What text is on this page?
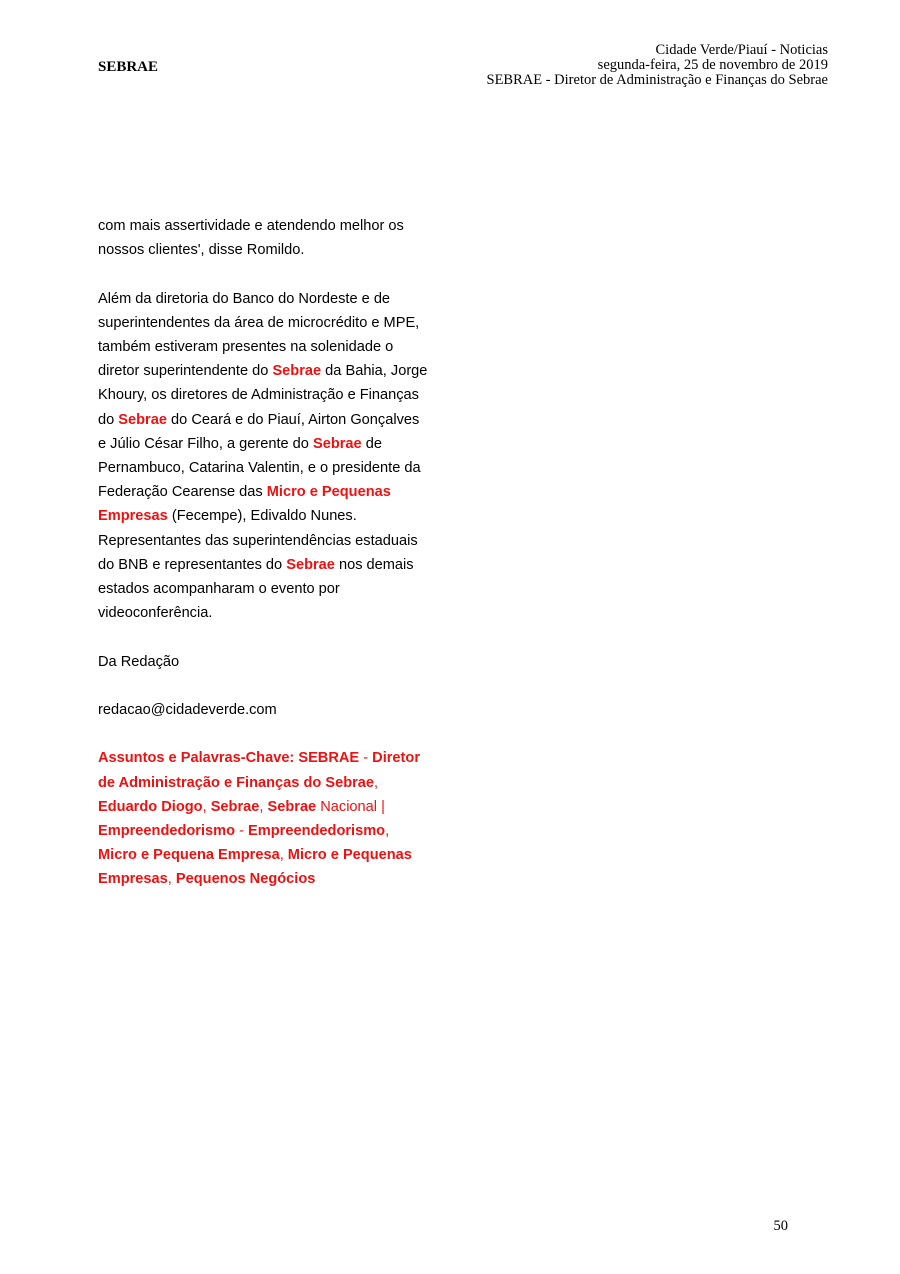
SEBRAE
Cidade Verde/Piauí - Noticias
segunda-feira, 25 de novembro de 2019
SEBRAE - Diretor de Administração e Finanças do Sebrae

com mais assertividade e atendendo melhor os nossos clientes', disse Romildo.

Além da diretoria do Banco do Nordeste e de superintendentes da área de microcrédito e MPE, também estiveram presentes na solenidade o diretor superintendente do Sebrae da Bahia, Jorge Khoury, os diretores de Administração e Finanças do Sebrae do Ceará e do Piauí, Airton Gonçalves e Júlio César Filho, a gerente do Sebrae de Pernambuco, Catarina Valentin, e o presidente da Federação Cearense das Micro e Pequenas Empresas (Fecempe), Edivaldo Nunes. Representantes das superintendências estaduais do BNB e representantes do Sebrae nos demais estados acompanharam o evento por videoconferência.

Da Redação

redacao@cidadeverde.com

Assuntos e Palavras-Chave: SEBRAE - Diretor de Administração e Finanças do Sebrae, Eduardo Diogo, Sebrae, Sebrae Nacional | Empreendedorismo - Empreendedorismo, Micro e Pequena Empresa, Micro e Pequenas Empresas, Pequenos Negócios

50
